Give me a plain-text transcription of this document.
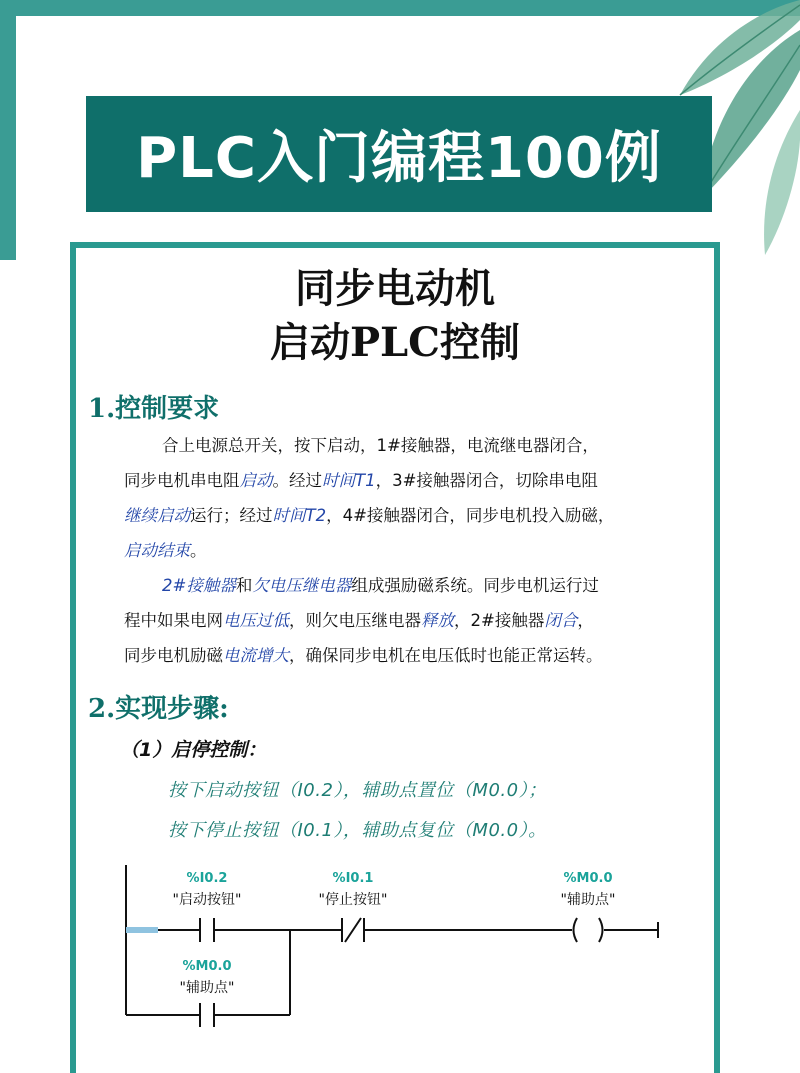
PLC入门编程100例
同步电动机
启动PLC控制
1.控制要求
合上电源总开关，按下启动，1#接触器，电流继电器闭合，
同步电机串电阻启动。经过时间T1，3#接触器闭合，切除串电阻
继续启动运行；经过时间T2，4#接触器闭合，同步电机投入励磁，
启动结束。
2#接触器和欠电压继电器组成强励磁系统。同步电机运行过
程中如果电网电压过低，则欠电压继电器释放，2#接触器闭合，
同步电机励磁电流增大，确保同步电机在电压低时也能正常运转。
2.实现步骤:
（1）启停控制：
按下启动按钮（I0.2），辅助点置位（M0.0）；
按下停止按钮（I0.1），辅助点复位（M0.0）。
%I0.2
"启动按钮"
%I0.1
"停止按钮"
%M0.0
"辅助点"
%M0.0
"辅助点"
